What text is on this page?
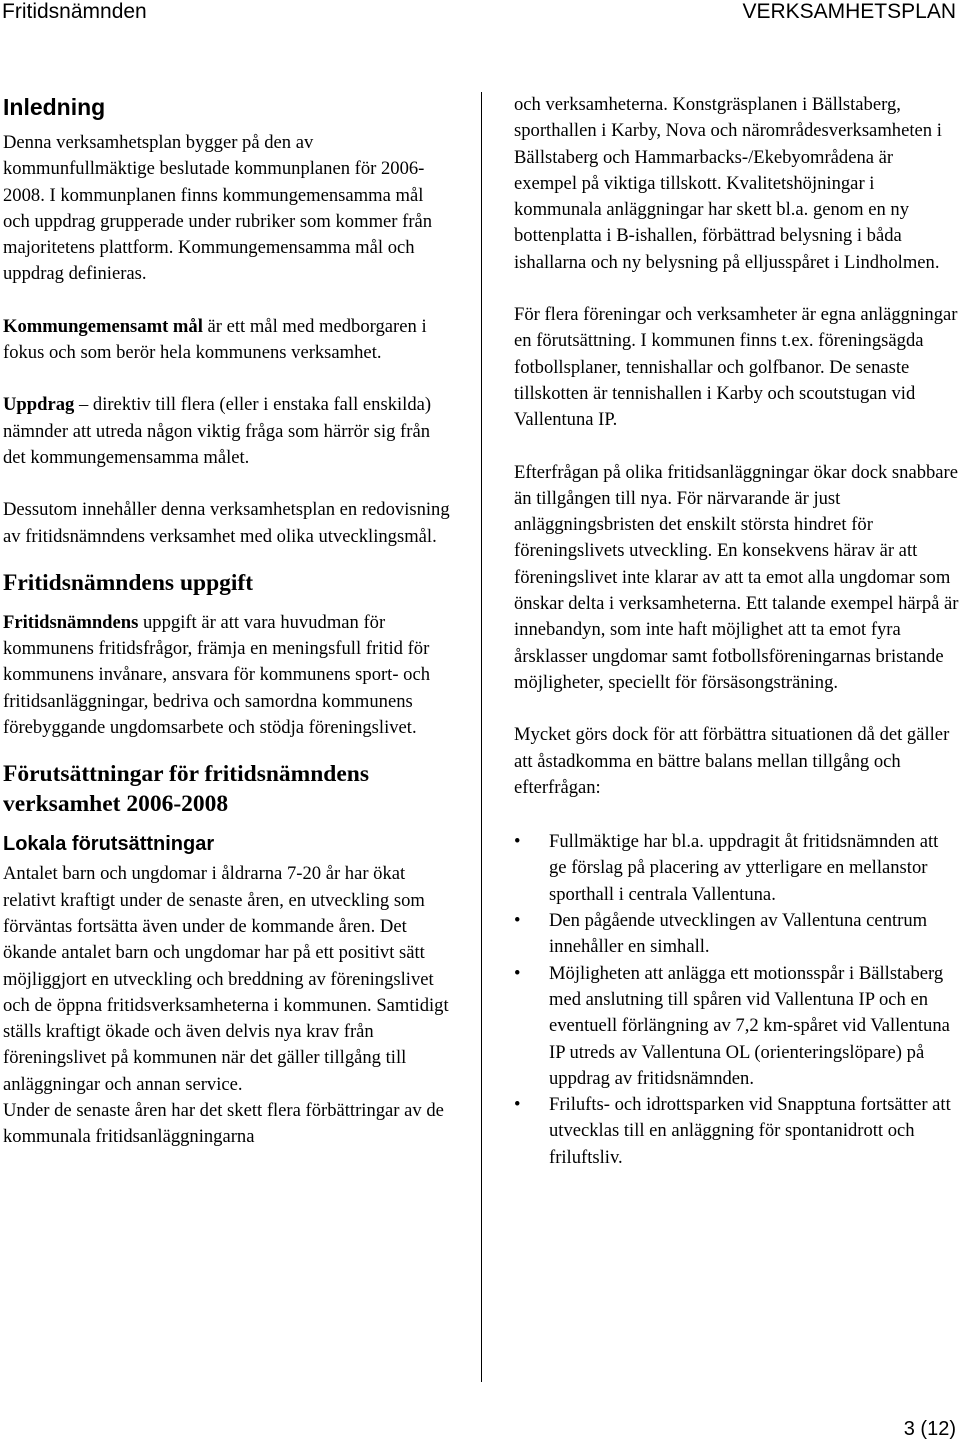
Fritidsnämnden	VERKSAMHETSPLAN
Inledning

Denna verksamhetsplan bygger på den av kommunfullmäktige beslutade kommunplanen för 2006-2008. I kommunplanen finns kommungemensamma mål och uppdrag grupperade under rubriker som kommer från majoritetens plattform. Kommungemensamma mål och uppdrag definieras.

Kommungemensamt mål är ett mål med medborgaren i fokus och som berör hela kommunens verksamhet.

Uppdrag – direktiv till flera (eller i enstaka fall enskilda) nämnder att utreda någon viktig fråga som härrör sig från det kommungemensamma målet.

Dessutom innehåller denna verksamhetsplan en redovisning av fritidsnämndens verksamhet med olika utvecklingsmål.

Fritidsnämndens uppgift

Fritidsnämndens uppgift är att vara huvudman för kommunens fritidsfrågor, främja en meningsfull fritid för kommunens invånare, ansvara för kommunens sport- och fritidsanläggningar, bedriva och samordna kommunens förebyggande ungdomsarbete och stödja föreningslivet.

Förutsättningar för fritidsnämndens verksamhet 2006-2008
Lokala förutsättningar

Antalet barn och ungdomar i åldrarna 7-20 år har ökat relativt kraftigt under de senaste åren, en utveckling som förväntas fortsätta även under de kommande åren. Det ökande antalet barn och ungdomar har på ett positivt sätt möjliggjort en utveckling och breddning av föreningslivet och de öppna fritidsverksamheterna i kommunen. Samtidigt ställs kraftigt ökade och även delvis nya krav från föreningslivet på kommunen när det gäller tillgång till anläggningar och annan service.

Under de senaste åren har det skett flera förbättringar av de kommunala fritidsanläggningarna

och verksamheterna. Konstgräsplanen i Bällstaberg, sporthallen i Karby, Nova och närområdesverksamheten i Bällstaberg och Hammarbacks-/Ekebyområdena är exempel på viktiga tillskott. Kvalitetshöjningar i kommunala anläggningar har skett bl.a. genom en ny bottenplatta i B-ishallen, förbättrad belysning i båda ishallarna och ny belysning på elljusspåret i Lindholmen.

För flera föreningar och verksamheter är egna anläggningar en förutsättning. I kommunen finns t.ex. föreningsägda fotbollsplaner, tennishallar och golfbanor. De senaste tillskotten är tennishallen i Karby och scoutstugan vid Vallentuna IP.

Efterfrågan på olika fritidsanläggningar ökar dock snabbare än tillgången till nya. För närvarande är just anläggningsbristen det enskilt största hindret för föreningslivets utveckling. En konsekvens härav är att föreningslivet inte klarar av att ta emot alla ungdomar som önskar delta i verksamheterna. Ett talande exempel härpå är innebandyn, som inte haft möjlighet att ta emot fyra årsklasser ungdomar samt fotbollsföreningarnas bristande möjligheter, speciellt för försäsongsträning.

Mycket görs dock för att förbättra situationen då det gäller att åstadkomma en bättre balans mellan tillgång och efterfrågan:

• Fullmäktige har bl.a. uppdragit åt fritidsnämnden att ge förslag på placering av ytterligare en mellanstor sporthall i centrala Vallentuna.
• Den pågående utvecklingen av Vallentuna centrum innehåller en simhall.
• Möjligheten att anlägga ett motionsspår i Bällstaberg med anslutning till spåren vid Vallentuna IP och en eventuell förlängning av 7,2 km-spåret vid Vallentuna IP utreds av Vallentuna OL (orienteringslöpare) på uppdrag av fritidsnämnden.
• Frilufts- och idrottsparken vid Snapptuna fortsätter att utvecklas till en anläggning för spontanidrott och friluftsliv.
3 (12)
